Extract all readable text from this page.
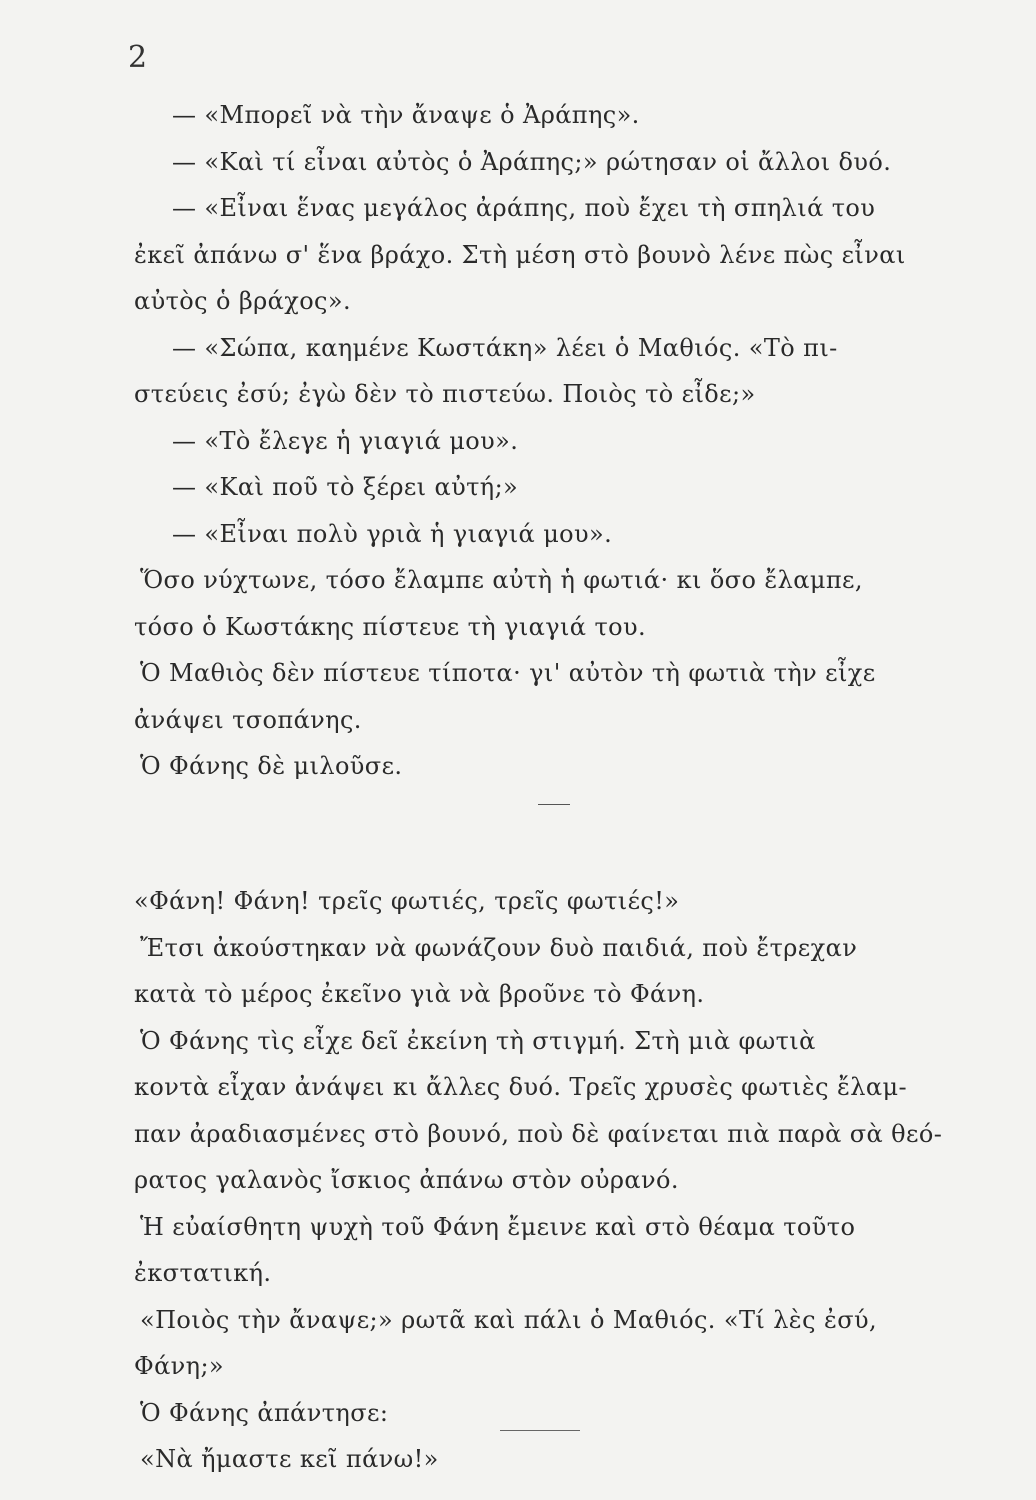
2
— «Μπορεῖ νὰ τὴν ἄναψε ὁ Ἀράπης».
— «Καὶ τί εἶναι αὐτὸς ὁ Ἀράπης;» ρώτησαν οἱ ἄλλοι δυό.
— «Εἶναι ἕνας μεγάλος ἀράπης, ποὺ ἔχει τὴ σπηλιά του
ἐκεῖ ἀπάνω σ' ἕνα βράχο. Στὴ μέση στὸ βουνὸ λένε πὼς εἶναι
αὐτὸς ὁ βράχος».
— «Σώπα, καημένε Κωστάκη» λέει ὁ Μαθιός. «Τὸ πι-
στεύεις ἐσύ; ἐγὼ δὲν τὸ πιστεύω. Ποιὸς τὸ εἶδε;»
— «Τὸ ἔλεγε ἡ γιαγιά μου».
— «Καὶ ποῦ τὸ ξέρει αὐτή;»
— «Εἶναι πολὺ γριὰ ἡ γιαγιά μου».
Ὅσο νύχτωνε, τόσο ἔλαμπε αὐτὴ ἡ φωτιά· κι ὅσο ἔλαμπε,
τόσο ὁ Κωστάκης πίστευε τὴ γιαγιά του.
Ὁ Μαθιὸς δὲν πίστευε τίποτα· γι' αὐτὸν τὴ φωτιὰ τὴν εἶχε
ἀνάψει τσοπάνης.
Ὁ Φάνης δὲ μιλοῦσε.
«Φάνη! Φάνη! τρεῖς φωτιές, τρεῖς φωτιές!»
Ἔτσι ἀκούστηκαν νὰ φωνάζουν δυὸ παιδιά, ποὺ ἔτρεχαν
κατὰ τὸ μέρος ἐκεῖνο γιὰ νὰ βροῦνε τὸ Φάνη.
Ὁ Φάνης τὶς εἶχε δεῖ ἐκείνη τὴ στιγμή. Στὴ μιὰ φωτιὰ
κοντὰ εἶχαν ἀνάψει κι ἄλλες δυό. Τρεῖς χρυσὲς φωτιὲς ἔλαμ-
παν ἀραδιασμένες στὸ βουνό, ποὺ δὲ φαίνεται πιὰ παρὰ σὰ θεό-
ρατος γαλανὸς ἴσκιος ἀπάνω στὸν οὐρανό.
Ἡ εὐαίσθητη ψυχὴ τοῦ Φάνη ἔμεινε καὶ στὸ θέαμα τοῦτο
ἐκστατική.
«Ποιὸς τὴν ἄναψε;» ρωτᾶ καὶ πάλι ὁ Μαθιός. «Τί λὲς ἐσύ,
Φάνη;»
Ὁ Φάνης ἀπάντησε:
«Νὰ ἤμαστε κεῖ πάνω!»
